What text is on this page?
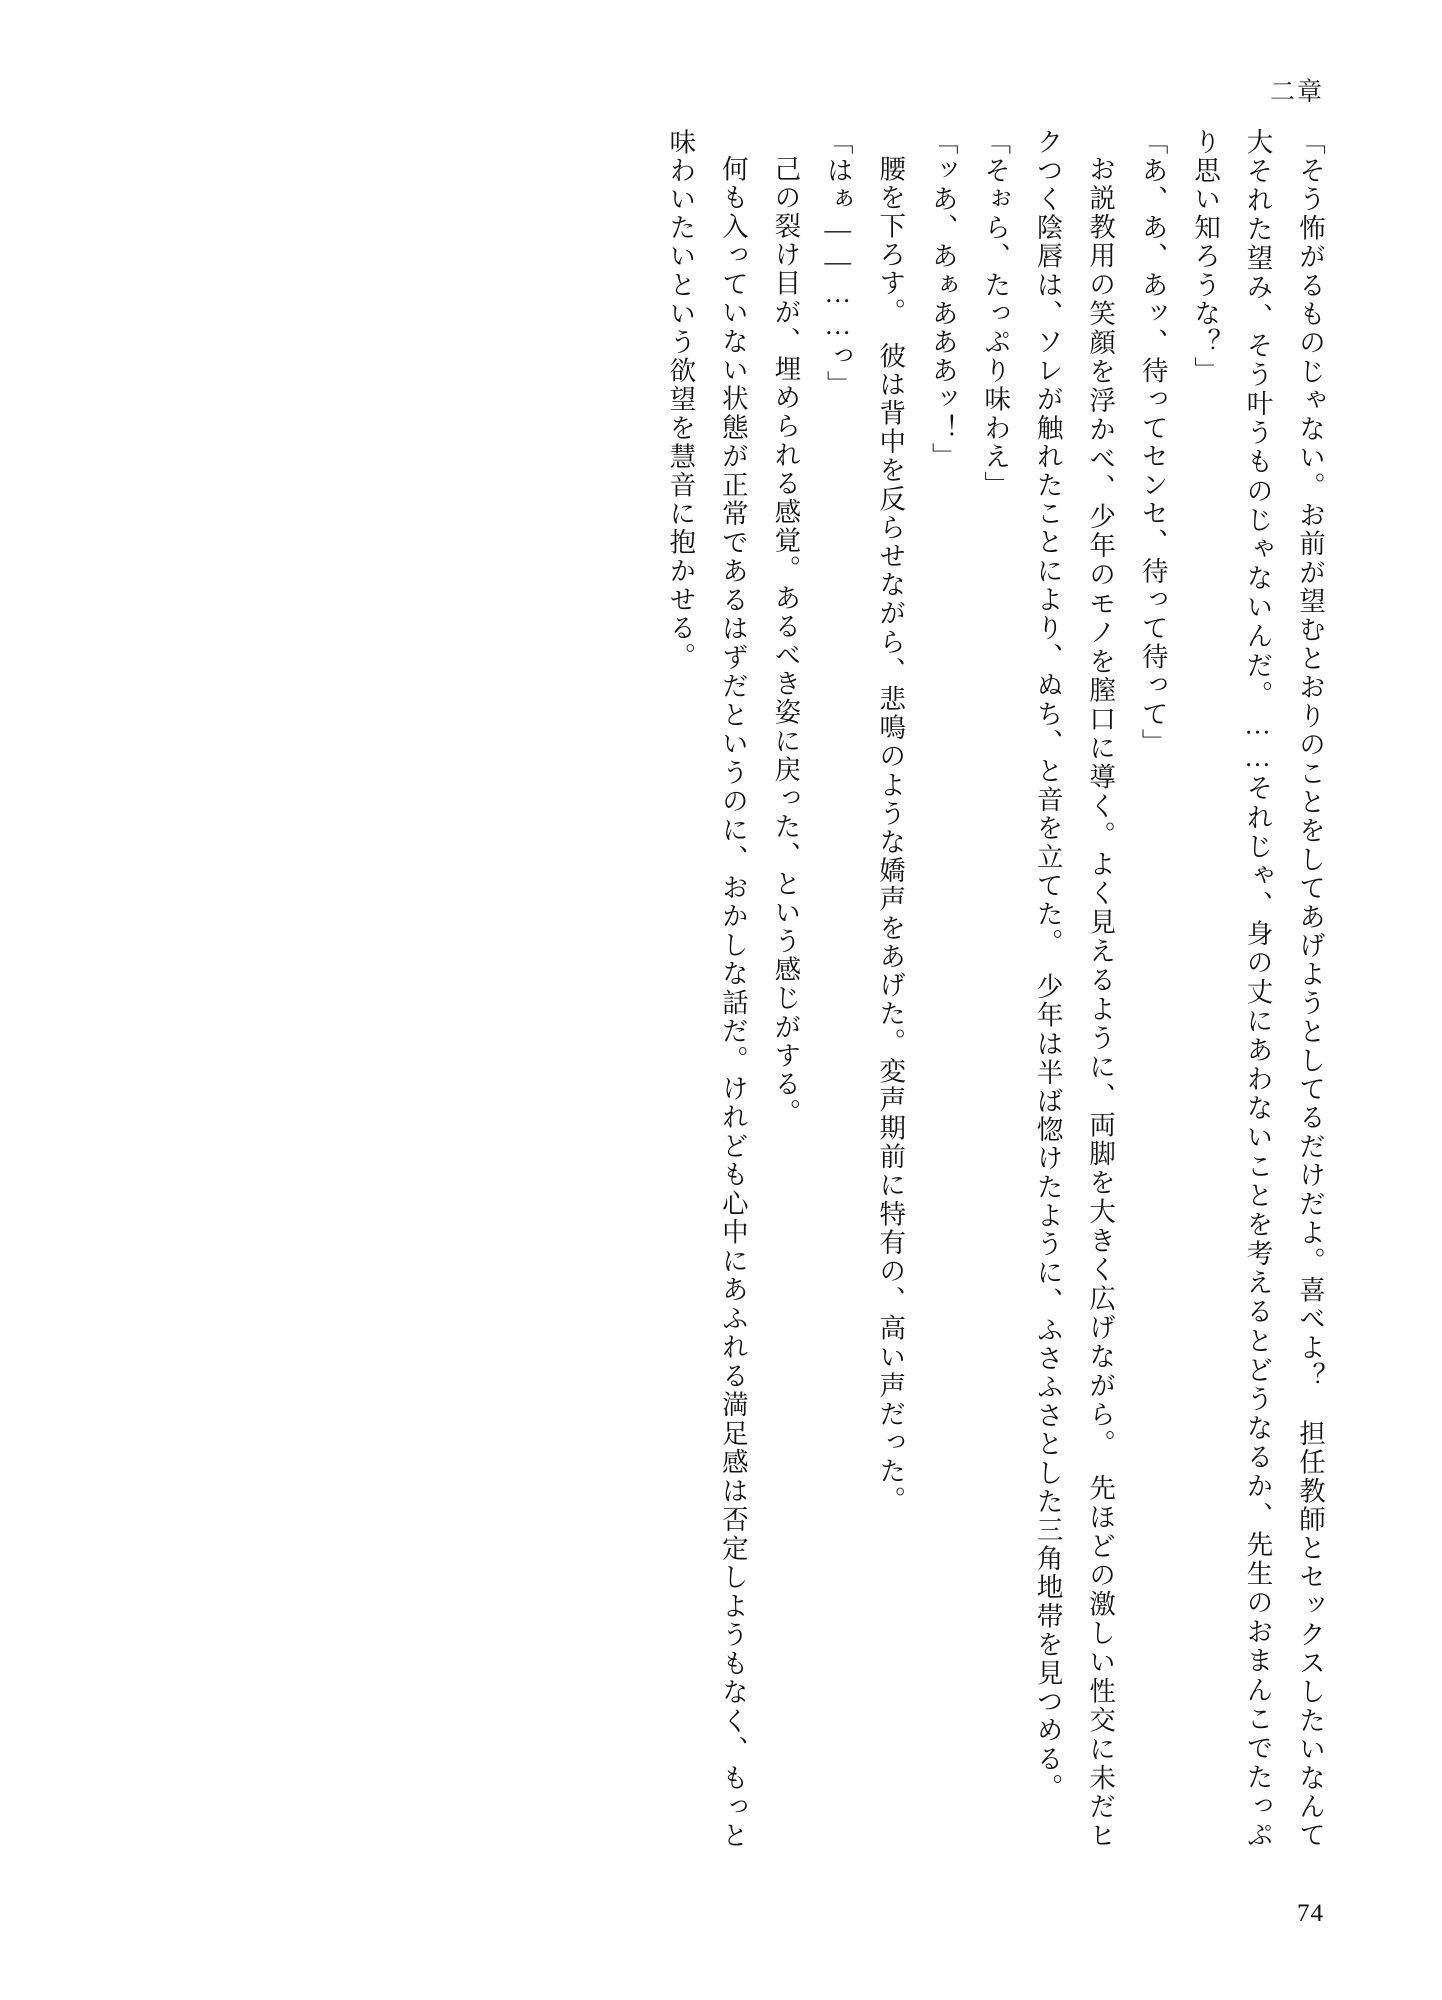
二章

「そう怖がるものじゃない。お前が望むとおりのことをしてあげようとしてるだけだよ。喜べよ？　担任教師とセックスしたいなんて大それた望み、そう叶うものじゃないんだ。……それじゃ、身の丈にあわないことを考えるとどうなるか、先生のおまんこでたっぷり思い知ろうな？」

「あ、あ、あッ、待ってセンセ、待って待って」

お説教用の笑顔を浮かべ、少年のモノを膣口に導く。よく見えるように、両脚を大きく広げながら。　先ほどの激しい性交に未だヒクつく陰唇は、ソレが触れたことにより、ぬち、と音を立てた。　少年は半ば惚けたように、ふさふさとした三角地帯を見つめる。

「そぉら、たっぷり味わえ」

「ッあ、あぁあああッ！」

腰を下ろす。　彼は背中を反らせながら、悲鳴のような嬌声をあげた。変声期前に特有の、高い声だった。

「はぁ——……っ」

己の裂け目が、埋められる感覚。あるべき姿に戻った、という感じがする。

何も入っていない状態が正常であるはずだというのに、おかしな話だ。けれども心中にあふれる満足感は否定しようもなく、もっと味わいたいという欲望を慧音に抱かせる。

74
